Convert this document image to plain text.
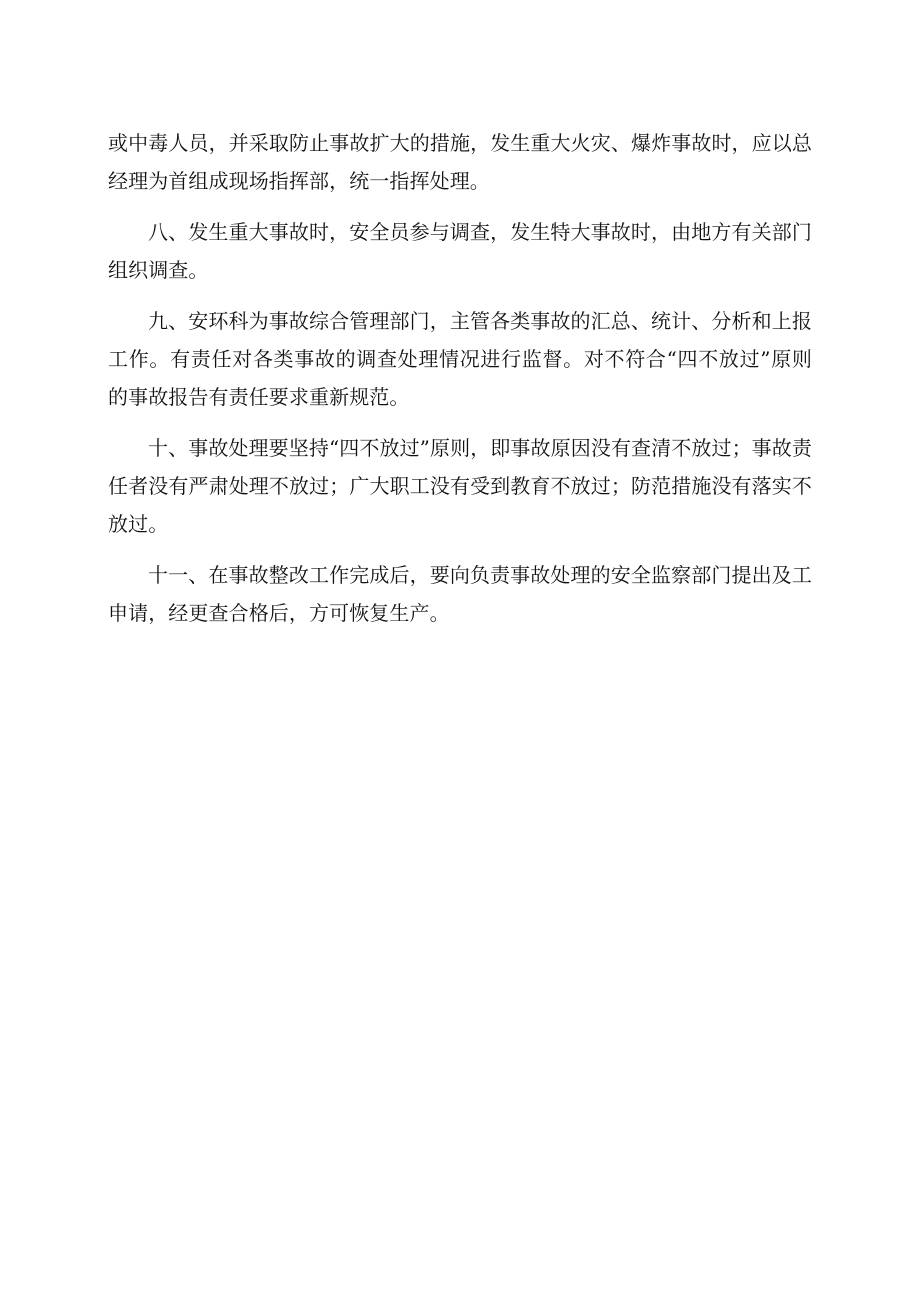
或中毒人员，并采取防止事故扩大的措施，发生重大火灾、爆炸事故时，应以总经理为首组成现场指挥部，统一指挥处理。

八、发生重大事故时，安全员参与调查，发生特大事故时，由地方有关部门组织调查。

九、安环科为事故综合管理部门，主管各类事故的汇总、统计、分析和上报工作。有责任对各类事故的调查处理情况进行监督。对不符合“四不放过”原则的事故报告有责任要求重新规范。

十、事故处理要坚持“四不放过”原则，即事故原因没有查清不放过；事故责任者没有严肃处理不放过；广大职工没有受到教育不放过；防范措施没有落实不放过。

十一、在事故整改工作完成后，要向负责事故处理的安全监察部门提出及工申请，经更查合格后，方可恢复生产。
